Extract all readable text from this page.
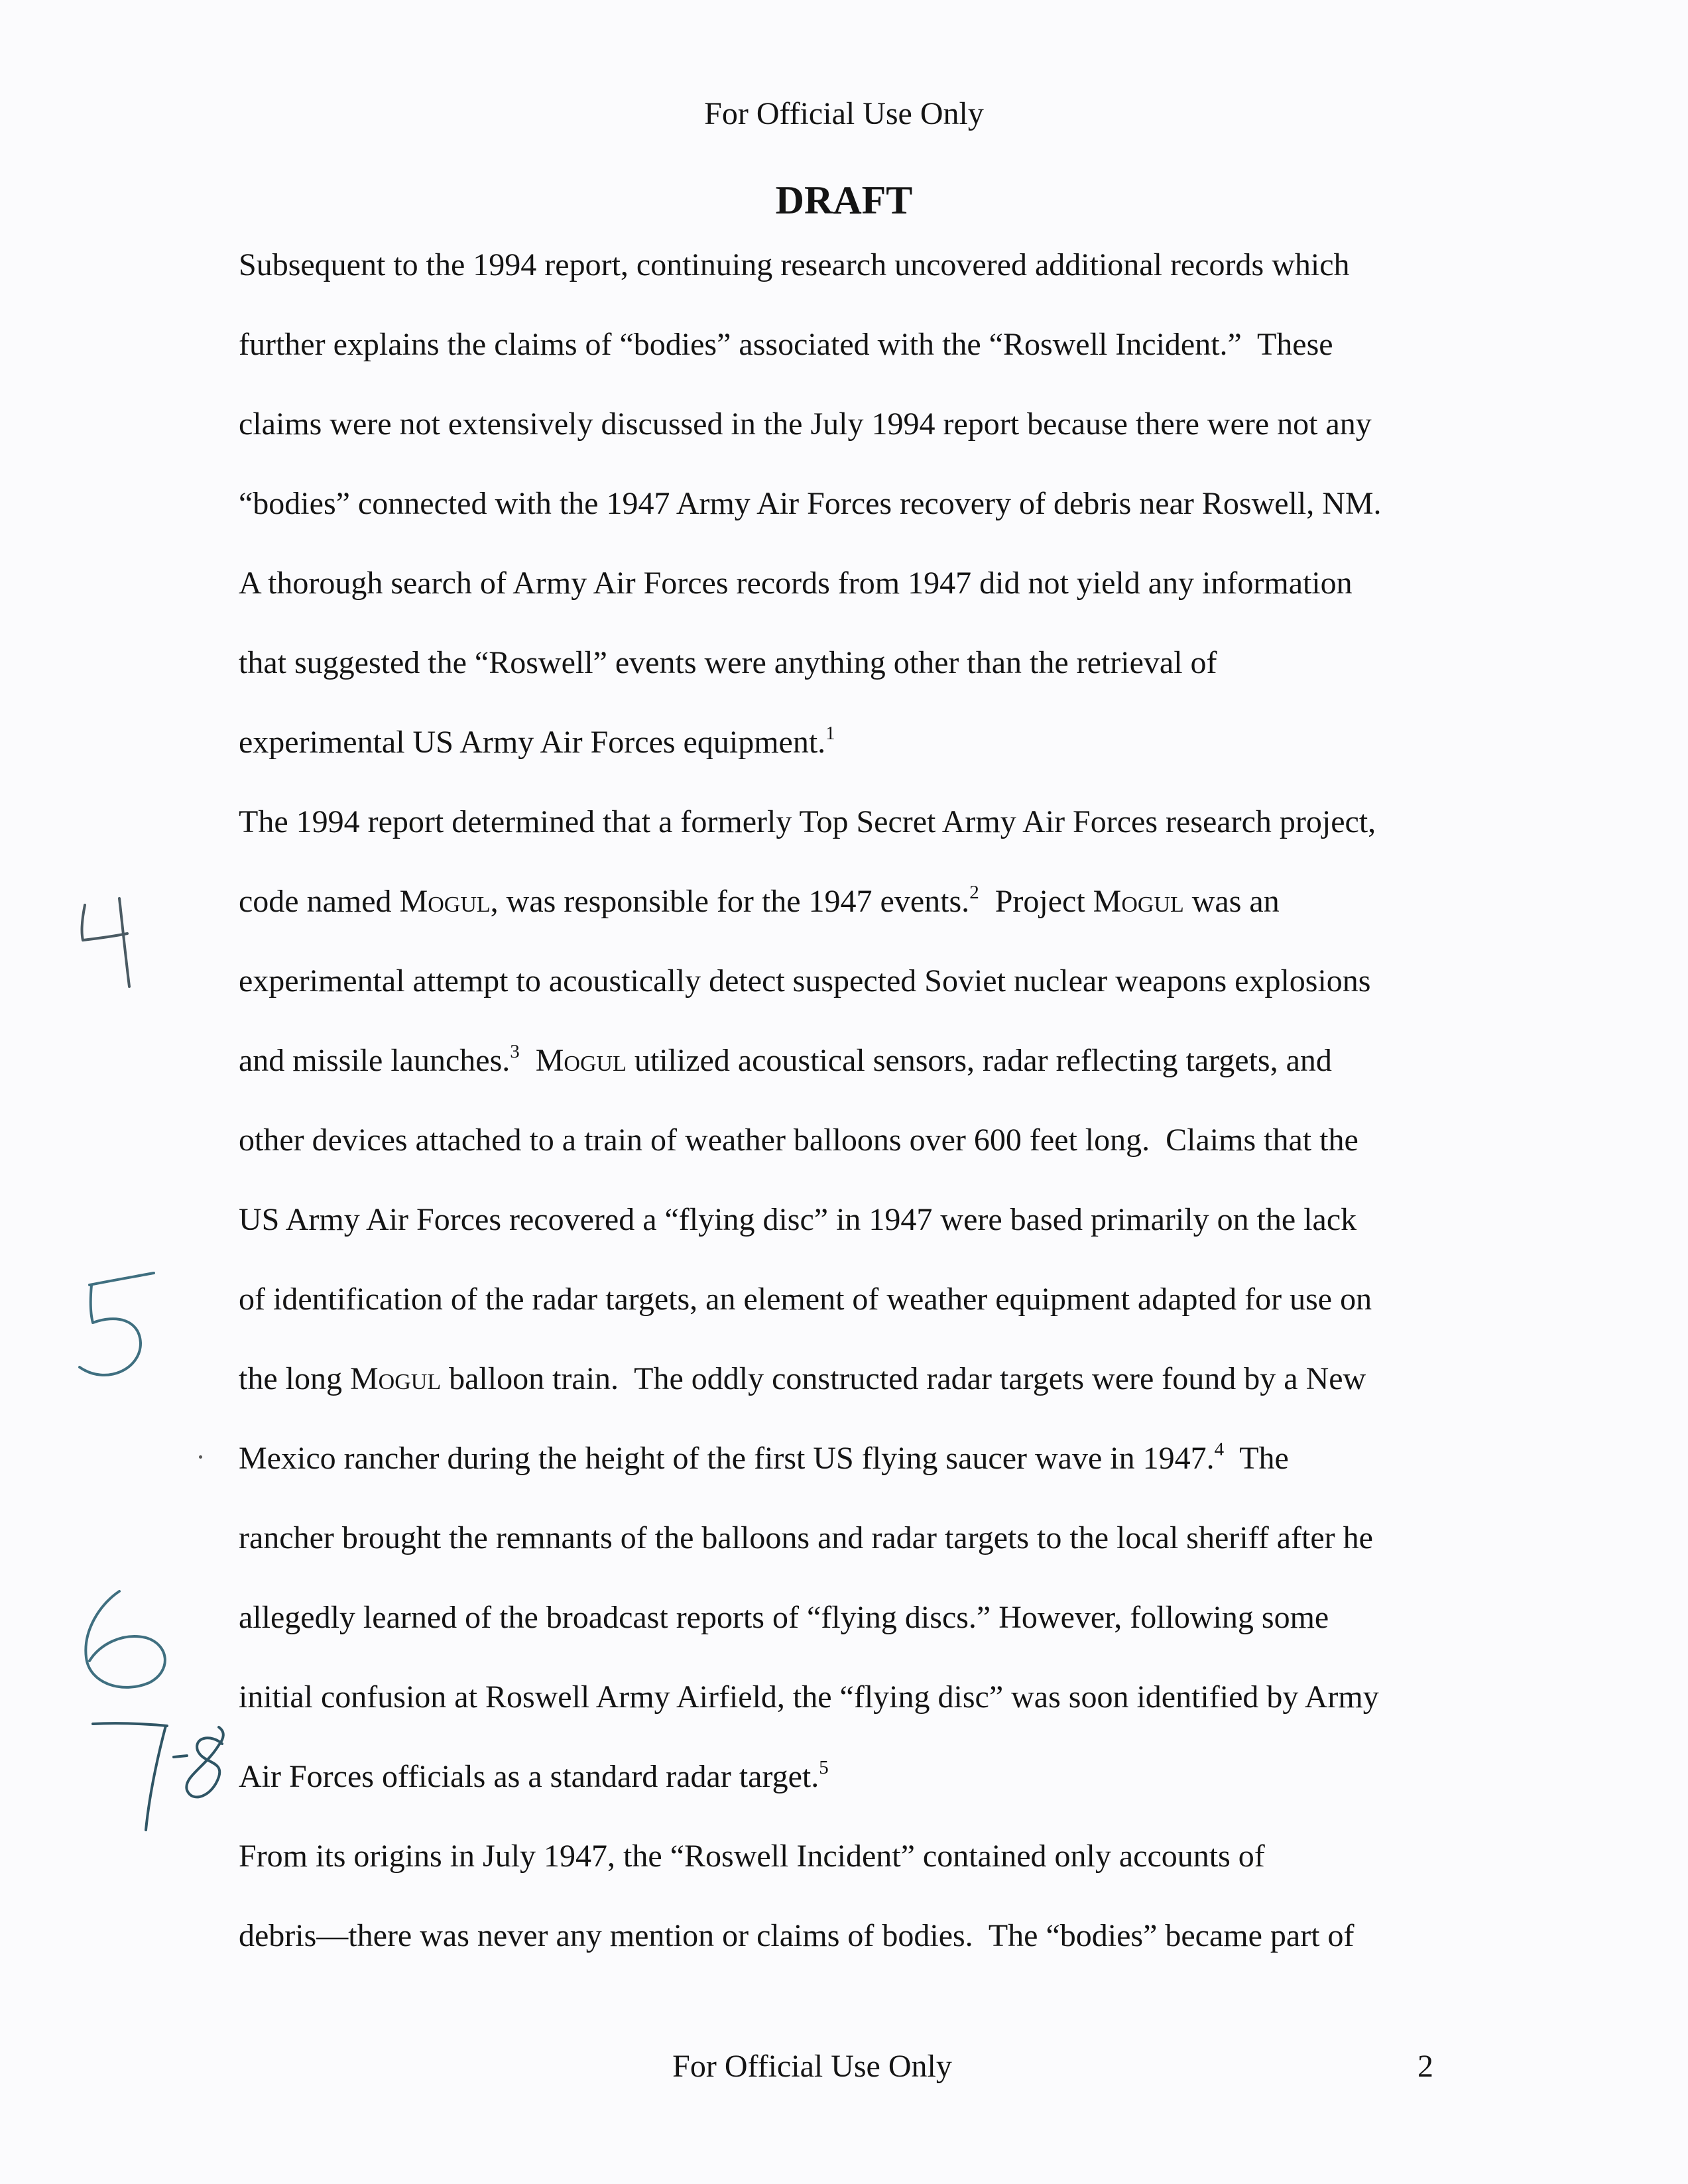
For Official Use Only
DRAFT
Subsequent to the 1994 report, continuing research uncovered additional records which
further explains the claims of “bodies” associated with the “Roswell Incident.”  These
claims were not extensively discussed in the July 1994 report because there were not any
“bodies” connected with the 1947 Army Air Forces recovery of debris near Roswell, NM.
A thorough search of Army Air Forces records from 1947 did not yield any information
that suggested the “Roswell” events were anything other than the retrieval of
experimental US Army Air Forces equipment.$^1$
The 1994 report determined that a formerly Top Secret Army Air Forces research project,
code named Mogul, was responsible for the 1947 events.$^2$  Project Mogul was an
experimental attempt to acoustically detect suspected Soviet nuclear weapons explosions
and missile launches.$^3$ Mogul utilized acoustical sensors, radar reflecting targets, and
other devices attached to a train of weather balloons over 600 feet long.  Claims that the
US Army Air Forces recovered a “flying disc” in 1947 were based primarily on the lack
of identification of the radar targets, an element of weather equipment adapted for use on
the long Mogul balloon train.  The oddly constructed radar targets were found by a New
Mexico rancher during the height of the first US flying saucer wave in 1947.$^4$  The
rancher brought the remnants of the balloons and radar targets to the local sheriff after he
allegedly learned of the broadcast reports of “flying discs.” However, following some
initial confusion at Roswell Army Airfield, the “flying disc” was soon identified by Army
Air Forces officials as a standard radar target.$^5$
From its origins in July 1947, the “Roswell Incident” contained only accounts of
debris—there was never any mention or claims of bodies.  The “bodies” became part of
For Official Use Only	2
